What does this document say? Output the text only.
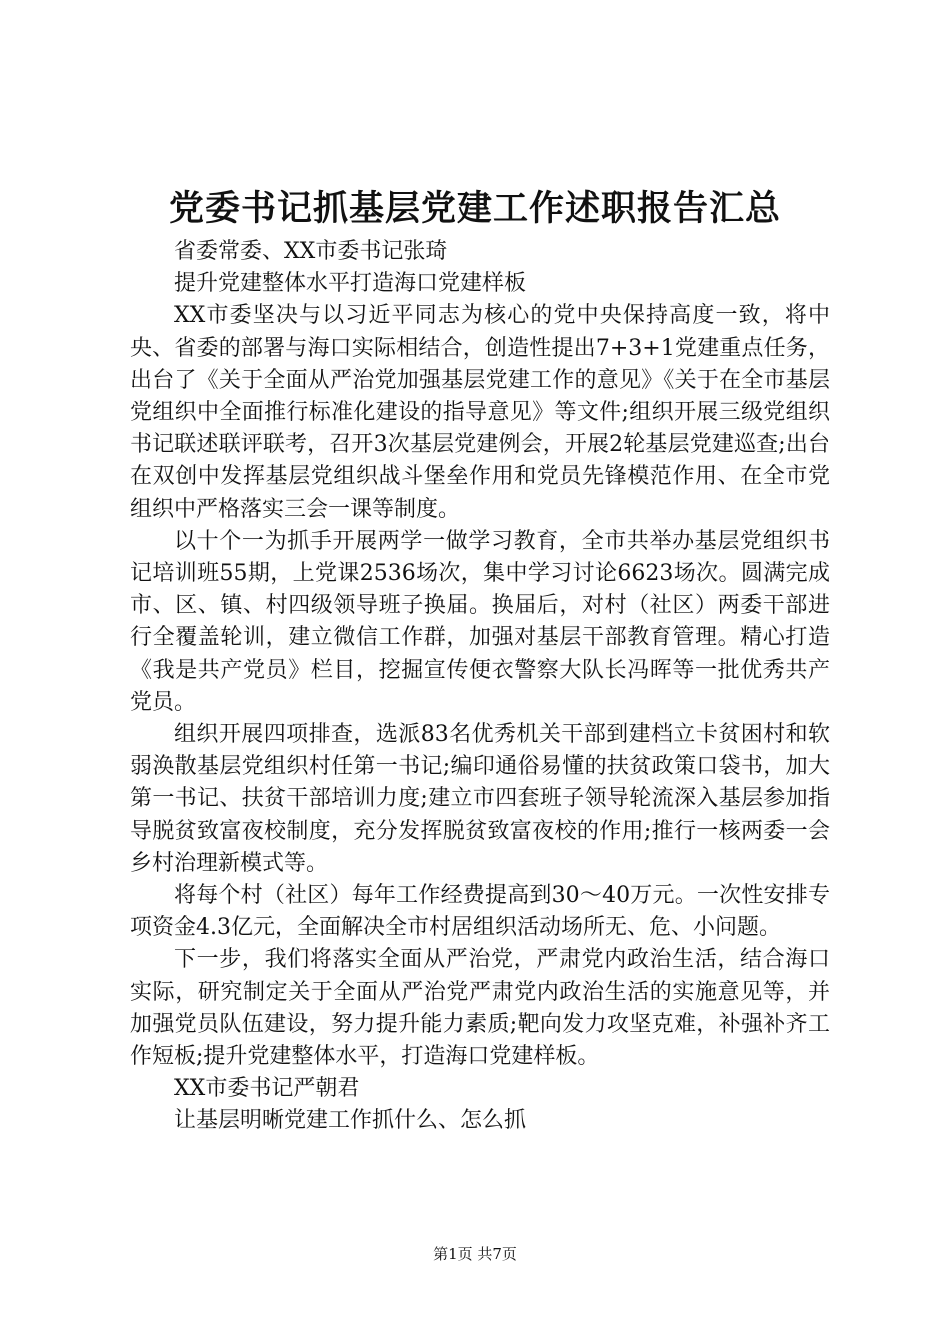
党委书记抓基层党建工作述职报告汇总

省委常委、XX市委书记张琦

提升党建整体水平打造海口党建样板

XX市委坚决与以习近平同志为核心的党中央保持高度一致，将中央、省委的部署与海口实际相结合，创造性提出7+3+1党建重点任务，出台了《关于全面从严治党加强基层党建工作的意见》《关于在全市基层党组织中全面推行标准化建设的指导意见》等文件;组织开展三级党组织书记联述联评联考，召开3次基层党建例会，开展2轮基层党建巡查;出台在双创中发挥基层党组织战斗堡垒作用和党员先锋模范作用、在全市党组织中严格落实三会一课等制度。

以十个一为抓手开展两学一做学习教育，全市共举办基层党组织书记培训班55期，上党课2536场次，集中学习讨论6623场次。圆满完成市、区、镇、村四级领导班子换届。换届后，对村（社区）两委干部进行全覆盖轮训，建立微信工作群，加强对基层干部教育管理。精心打造《我是共产党员》栏目，挖掘宣传便衣警察大队长冯晖等一批优秀共产党员。

组织开展四项排查，选派83名优秀机关干部到建档立卡贫困村和软弱涣散基层党组织村任第一书记;编印通俗易懂的扶贫政策口袋书，加大第一书记、扶贫干部培训力度;建立市四套班子领导轮流深入基层参加指导脱贫致富夜校制度，充分发挥脱贫致富夜校的作用;推行一核两委一会乡村治理新模式等。

将每个村（社区）每年工作经费提高到30～40万元。一次性安排专项资金4.3亿元，全面解决全市村居组织活动场所无、危、小问题。

下一步，我们将落实全面从严治党，严肃党内政治生活，结合海口实际，研究制定关于全面从严治党严肃党内政治生活的实施意见等，并加强党员队伍建设，努力提升能力素质;靶向发力攻坚克难，补强补齐工作短板;提升党建整体水平，打造海口党建样板。

XX市委书记严朝君

让基层明晰党建工作抓什么、怎么抓

第1页 共7页
